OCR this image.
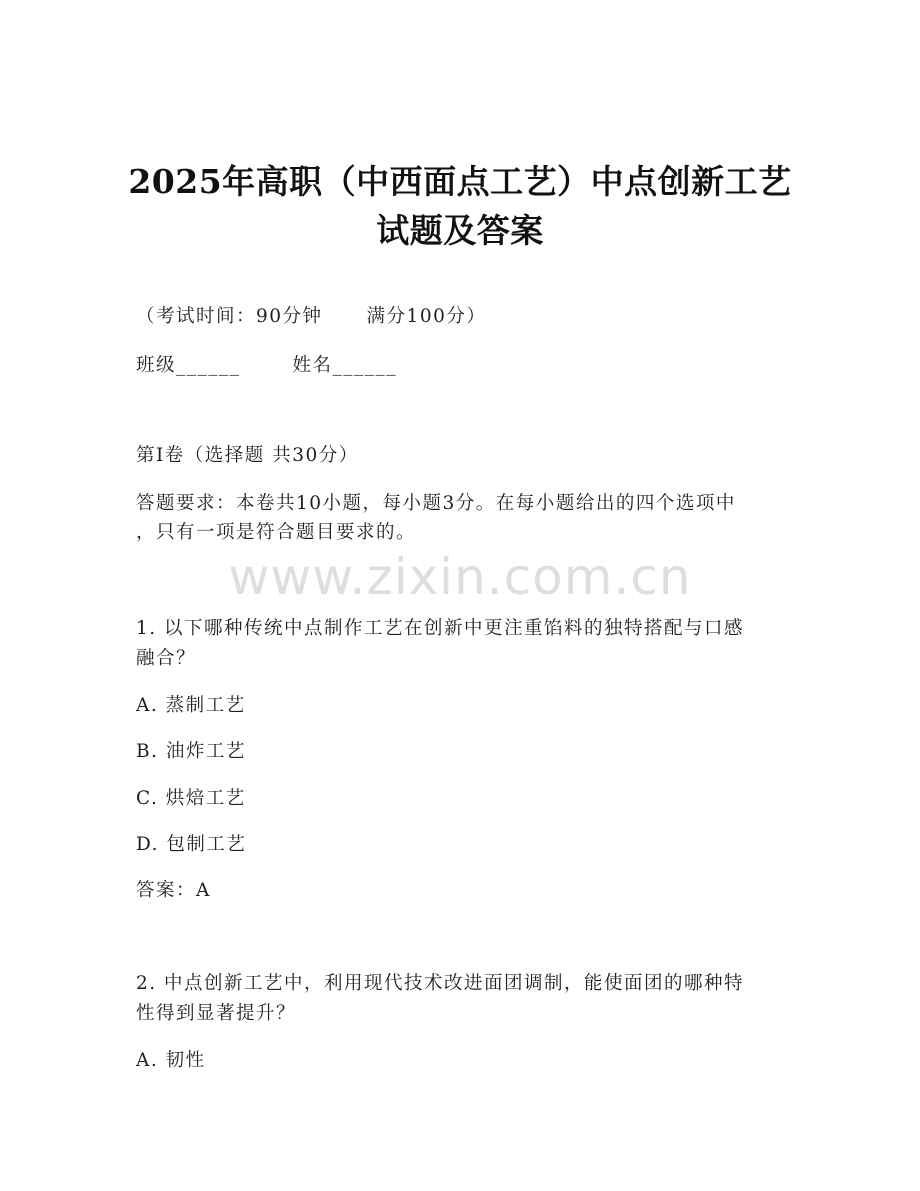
2025年高职（中西面点工艺）中点创新工艺
试题及答案
（考试时间：90分钟 满分100分）
班级______	姓名______
第I卷（选择题 共30分）
答题要求：本卷共10小题，每小题3分。在每小题给出的四个选项中
，只有一项是符合题目要求的。
www.zixin.com.cn
1. 以下哪种传统中点制作工艺在创新中更注重馅料的独特搭配与口感
融合？
A. 蒸制工艺
B. 油炸工艺
C. 烘焙工艺
D. 包制工艺
答案：A
2. 中点创新工艺中，利用现代技术改进面团调制，能使面团的哪种特
性得到显著提升？
A. 韧性
